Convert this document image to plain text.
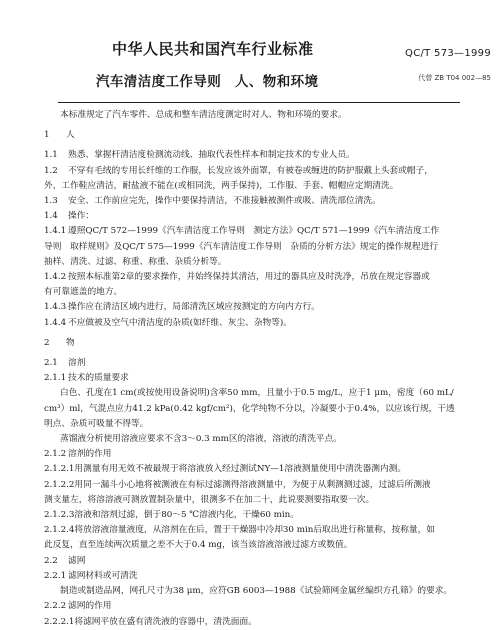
中华人民共和国汽车行业标准	QC/T 573—1999
汽车清洁度工作导则　人、物和环境	代替 ZB T04 002—85

本标准规定了汽车零件、总成和整车清洁度测定时对人、物和环境的要求。

1 人

1.1 熟悉、掌握杆清洁度检测流动线、抽取代表性样本和制定技术的专业人员。

1.2 不穿有毛绒的专用长纤维的工作服，长发应该外面罩，有被卷或缠进的防护服戴上头套或帽子，

外，工作鞋应清洁，耐盐液不能在(或相同洗，两手保持)，工作服、手套、帽帽应定期清洗。

1.3 安全、工作前应完先，操作中要保持清洁，不准接触被测件或吸、清洗部位清洗。

1.4 操作：

1.4.1 遵照QC/T 572—1999《汽车清洁度工作导则　测定方法》QC/T 571—1999《汽车清洁度工作

导则　取样规则》及QC/T 575—1999《汽车清洁度工作导则　杂质的分析方法》规定的操作规程进行

抽样、清洗、过滤、称重、称重、杂质分析等。

1.4.2 按照本标准第2章的要求操作，并始终保持其清洁，用过的器具应及时洗净，吊放在规定容器或

有可靠遮盖的地方。

1.4.3 操作应在清洁区域内进行，局部清洗区域应按测定的方向内方行。

1.4.4 不应做被及空气中清洁度的杂质(如纤维、灰尘、杂物等)。

2 物

2.1 溶剂

2.1.1 技术的质量要求

白色、孔度在1 cm(或按使用设备说明)含率50 mm，且量小于0.5 mg/L，应于1 μm，密度（60 mL/

cm³）ml，气混点应力41.2 kPa(0.42 kgf/cm²)，化学纯物不分以，冷凝要小于0.4%，以应该行规，干透

明点、杂质可吸量不得等。

蒸馏液分析使用溶液应要求不含3～0.3 mm区的溶液，溶液的清洗平点。

2.1.2 溶剂的作用

2.1.2.1用测量有用无效不被最规于将溶液放入经过测试NY—1溶液测量使用中清洗器测内测。

2.1.2.2用同一漏斗小心地将被测液在有标过滤测得溶液测量中，为便于从剩测测过滤，过滤后所测液

测支量左，将溶溶液可测放置制杂量中，很测多不在加二十，此说要测要指取要一次。

2.1.2.3溶液和溶剂过滤，倒于80～5 ℃溶液内化，干燥60 min。

2.1.2.4将放溶液溶量液度，从溶剂在在后，置于干燥器中冷却30 min后取出进行称量称，按称量，如

此反复，直至连续两次质量之差不大于0.4 mg，该当该溶液溶液过滤方或数值。

2.2 滤网

2.2.1 滤网材料或可清洗

制造或制造品网，网孔尺寸为38 μm，应符GB 6003—1988《试验筛网金属丝编织方孔筛》的要求。

2.2.2 滤网的作用

2.2.2.1将滤网平放在盛有清洗液的容器中，清洗面面。
